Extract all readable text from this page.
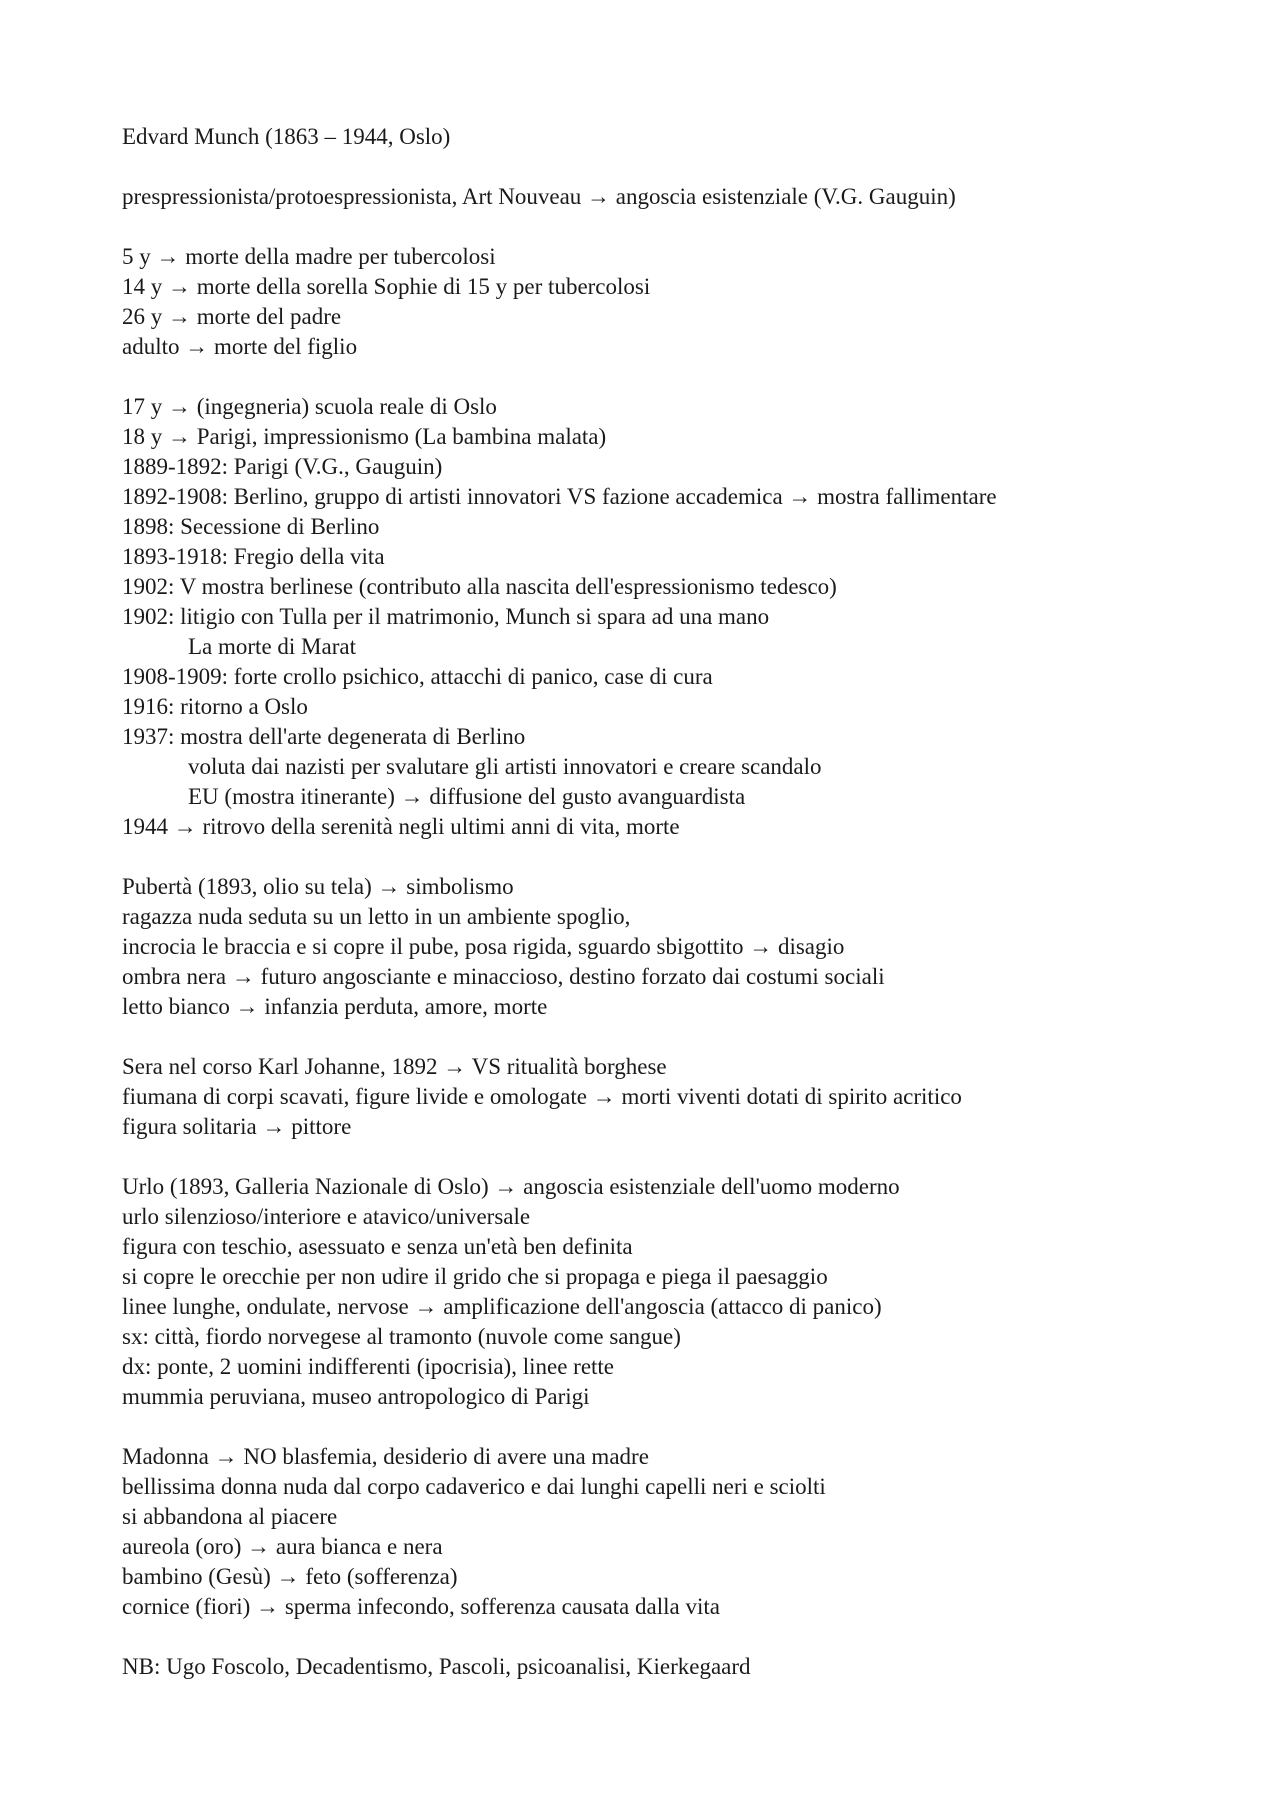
Edvard Munch (1863 – 1944, Oslo)
prespressionista/protoespressionista, Art Nouveau → angoscia esistenziale (V.G. Gauguin)
5 y → morte della madre per tubercolosi
14 y → morte della sorella Sophie di 15 y per tubercolosi
26 y → morte del padre
adulto → morte del figlio
17 y → (ingegneria) scuola reale di Oslo
18 y → Parigi, impressionismo (La bambina malata)
1889-1892: Parigi (V.G., Gauguin)
1892-1908: Berlino, gruppo di artisti innovatori VS fazione accademica → mostra fallimentare
1898: Secessione di Berlino
1893-1918: Fregio della vita
1902: V mostra berlinese (contributo alla nascita dell'espressionismo tedesco)
1902: litigio con Tulla per il matrimonio, Munch si spara ad una mano
La morte di Marat
1908-1909: forte crollo psichico, attacchi di panico, case di cura
1916: ritorno a Oslo
1937: mostra dell'arte degenerata di Berlino
voluta dai nazisti per svalutare gli artisti innovatori e creare scandalo
EU (mostra itinerante) → diffusione del gusto avanguardista
1944 → ritrovo della serenità negli ultimi anni di vita, morte
Pubertà (1893, olio su tela) → simbolismo
ragazza nuda seduta su un letto in un ambiente spoglio,
incrocia le braccia e si copre il pube, posa rigida, sguardo sbigottito → disagio
ombra nera → futuro angosciante e minaccioso, destino forzato dai costumi sociali
letto bianco → infanzia perduta, amore, morte
Sera nel corso Karl Johanne, 1892 → VS ritualità borghese
fiumana di corpi scavati, figure livide e omologate → morti viventi dotati di spirito acritico
figura solitaria → pittore
Urlo (1893, Galleria Nazionale di Oslo) → angoscia esistenziale dell'uomo moderno
urlo silenzioso/interiore e atavico/universale
figura con teschio, asessuato e senza un'età ben definita
si copre le orecchie per non udire il grido che si propaga e piega il paesaggio
linee lunghe, ondulate, nervose → amplificazione dell'angoscia (attacco di panico)
sx: città, fiordo norvegese al tramonto (nuvole come sangue)
dx: ponte, 2 uomini indifferenti (ipocrisia), linee rette
mummia peruviana, museo antropologico di Parigi
Madonna → NO blasfemia, desiderio di avere una madre
bellissima donna nuda dal corpo cadaverico e dai lunghi capelli neri e sciolti
si abbandona al piacere
aureola (oro) → aura bianca e nera
bambino (Gesù) → feto (sofferenza)
cornice (fiori) → sperma infecondo, sofferenza causata dalla vita
NB: Ugo Foscolo, Decadentismo, Pascoli, psicoanalisi, Kierkegaard
